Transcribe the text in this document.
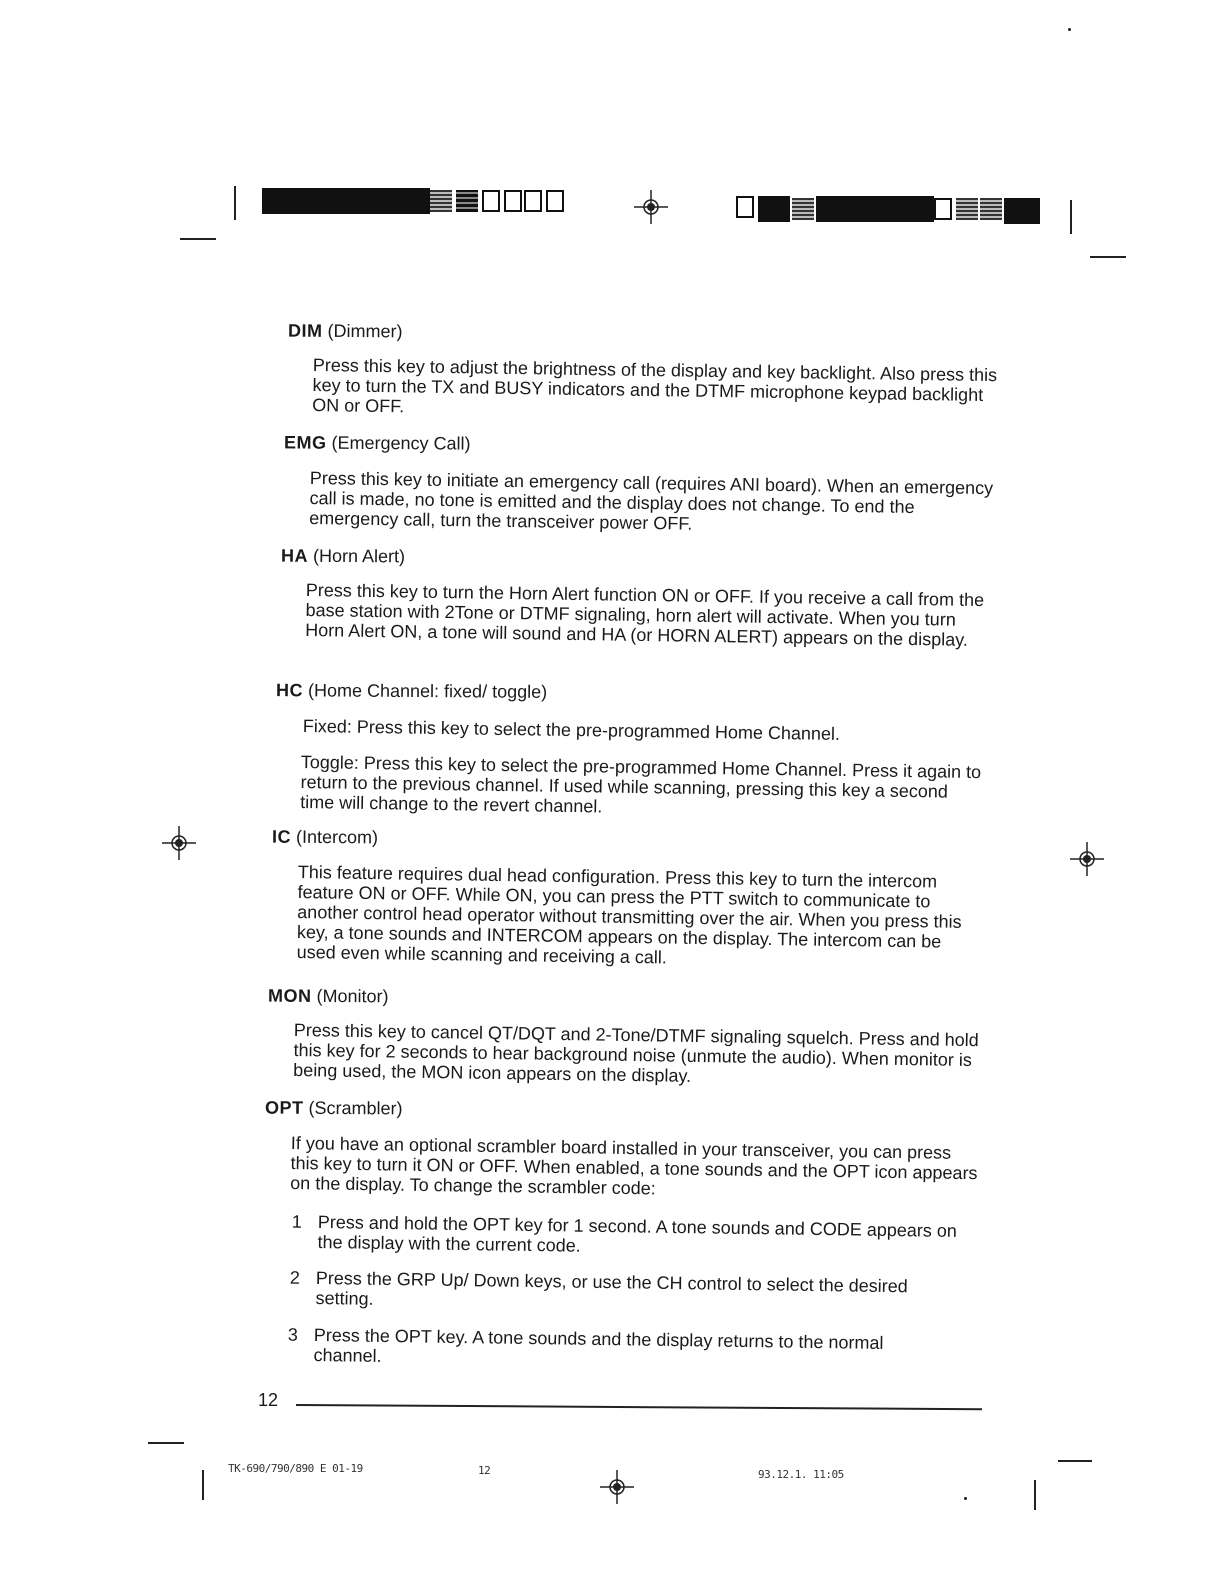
DIM (Dimmer)
Press this key to adjust the brightness of the display and key backlight. Also press this key to turn the TX and BUSY indicators and the DTMF microphone keypad backlight ON or OFF.
EMG (Emergency Call)
Press this key to initiate an emergency call (requires ANI board). When an emergency call is made, no tone is emitted and the display does not change. To end the emergency call, turn the transceiver power OFF.
HA (Horn Alert)
Press this key to turn the Horn Alert function ON or OFF. If you receive a call from the base station with 2Tone or DTMF signaling, horn alert will activate. When you turn Horn Alert ON, a tone will sound and HA (or HORN ALERT) appears on the display.
HC (Home Channel: fixed/ toggle)
Fixed: Press this key to select the pre-programmed Home Channel.
Toggle: Press this key to select the pre-programmed Home Channel. Press it again to return to the previous channel. If used while scanning, pressing this key a second time will change to the revert channel.
IC (Intercom)
This feature requires dual head configuration. Press this key to turn the intercom feature ON or OFF. While ON, you can press the PTT switch to communicate to another control head operator without transmitting over the air. When you press this key, a tone sounds and INTERCOM appears on the display. The intercom can be used even while scanning and receiving a call.
MON (Monitor)
Press this key to cancel QT/DQT and 2-Tone/DTMF signaling squelch. Press and hold this key for 2 seconds to hear background noise (unmute the audio). When monitor is being used, the MON icon appears on the display.
OPT (Scrambler)
If you have an optional scrambler board installed in your transceiver, you can press this key to turn it ON or OFF. When enabled, a tone sounds and the OPT icon appears on the display. To change the scrambler code:
1 Press and hold the OPT key for 1 second. A tone sounds and CODE appears on the display with the current code.
2 Press the GRP Up/ Down keys, or use the CH control to select the desired setting.
3 Press the OPT key. A tone sounds and the display returns to the normal channel.
12
TK-690/790/890 E 01-19	12	93.12.1. 11:05
